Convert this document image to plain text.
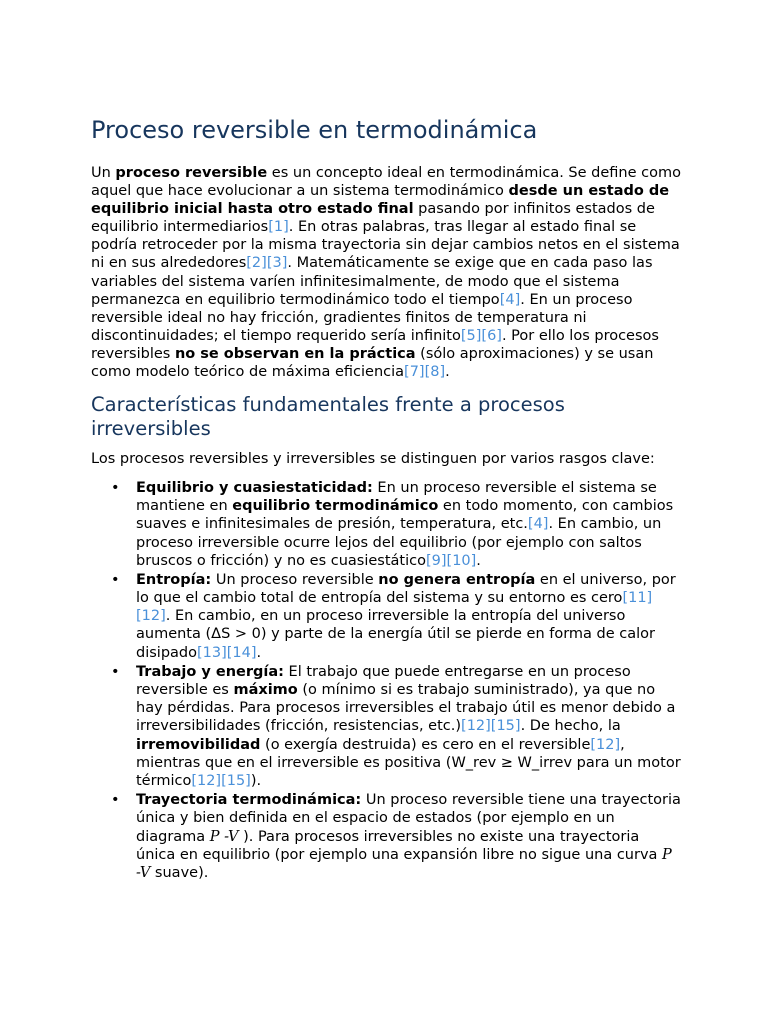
Proceso reversible en termodinámica

Un proceso reversible es un concepto ideal en termodinámica. Se define como aquel que hace evolucionar a un sistema termodinámico desde un estado de equilibrio inicial hasta otro estado final pasando por infinitos estados de equilibrio intermediarios[1]. En otras palabras, tras llegar al estado final se podría retroceder por la misma trayectoria sin dejar cambios netos en el sistema ni en sus alrededores[2][3]. Matemáticamente se exige que en cada paso las variables del sistema varíen infinitesimalmente, de modo que el sistema permanezca en equilibrio termodinámico todo el tiempo[4]. En un proceso reversible ideal no hay fricción, gradientes finitos de temperatura ni discontinuidades; el tiempo requerido sería infinito[5][6]. Por ello los procesos reversibles no se observan en la práctica (sólo aproximaciones) y se usan como modelo teórico de máxima eficiencia[7][8].

Características fundamentales frente a procesos irreversibles

Los procesos reversibles y irreversibles se distinguen por varios rasgos clave:

• Equilibrio y cuasiestaticidad: En un proceso reversible el sistema se mantiene en equilibrio termodinámico en todo momento, con cambios suaves e infinitesimales de presión, temperatura, etc.[4]. En cambio, un proceso irreversible ocurre lejos del equilibrio (por ejemplo con saltos bruscos o fricción) y no es cuasiestático[9][10].
• Entropía: Un proceso reversible no genera entropía en el universo, por lo que el cambio total de entropía del sistema y su entorno es cero[11][12]. En cambio, en un proceso irreversible la entropía del universo aumenta (ΔS > 0) y parte de la energía útil se pierde en forma de calor disipado[13][14].
• Trabajo y energía: El trabajo que puede entregarse en un proceso reversible es máximo (o mínimo si es trabajo suministrado), ya que no hay pérdidas. Para procesos irreversibles el trabajo útil es menor debido a irreversibilidades (fricción, resistencias, etc.)[12][15]. De hecho, la irremovibilidad (o exergía destruida) es cero en el reversible[12], mientras que en el irreversible es positiva (W_rev ≥ W_irrev para un motor térmico[12][15]).
• Trayectoria termodinámica: Un proceso reversible tiene una trayectoria única y bien definida en el espacio de estados (por ejemplo en un diagrama P -V ). Para procesos irreversibles no existe una trayectoria única en equilibrio (por ejemplo una expansión libre no sigue una curva P -V suave).
